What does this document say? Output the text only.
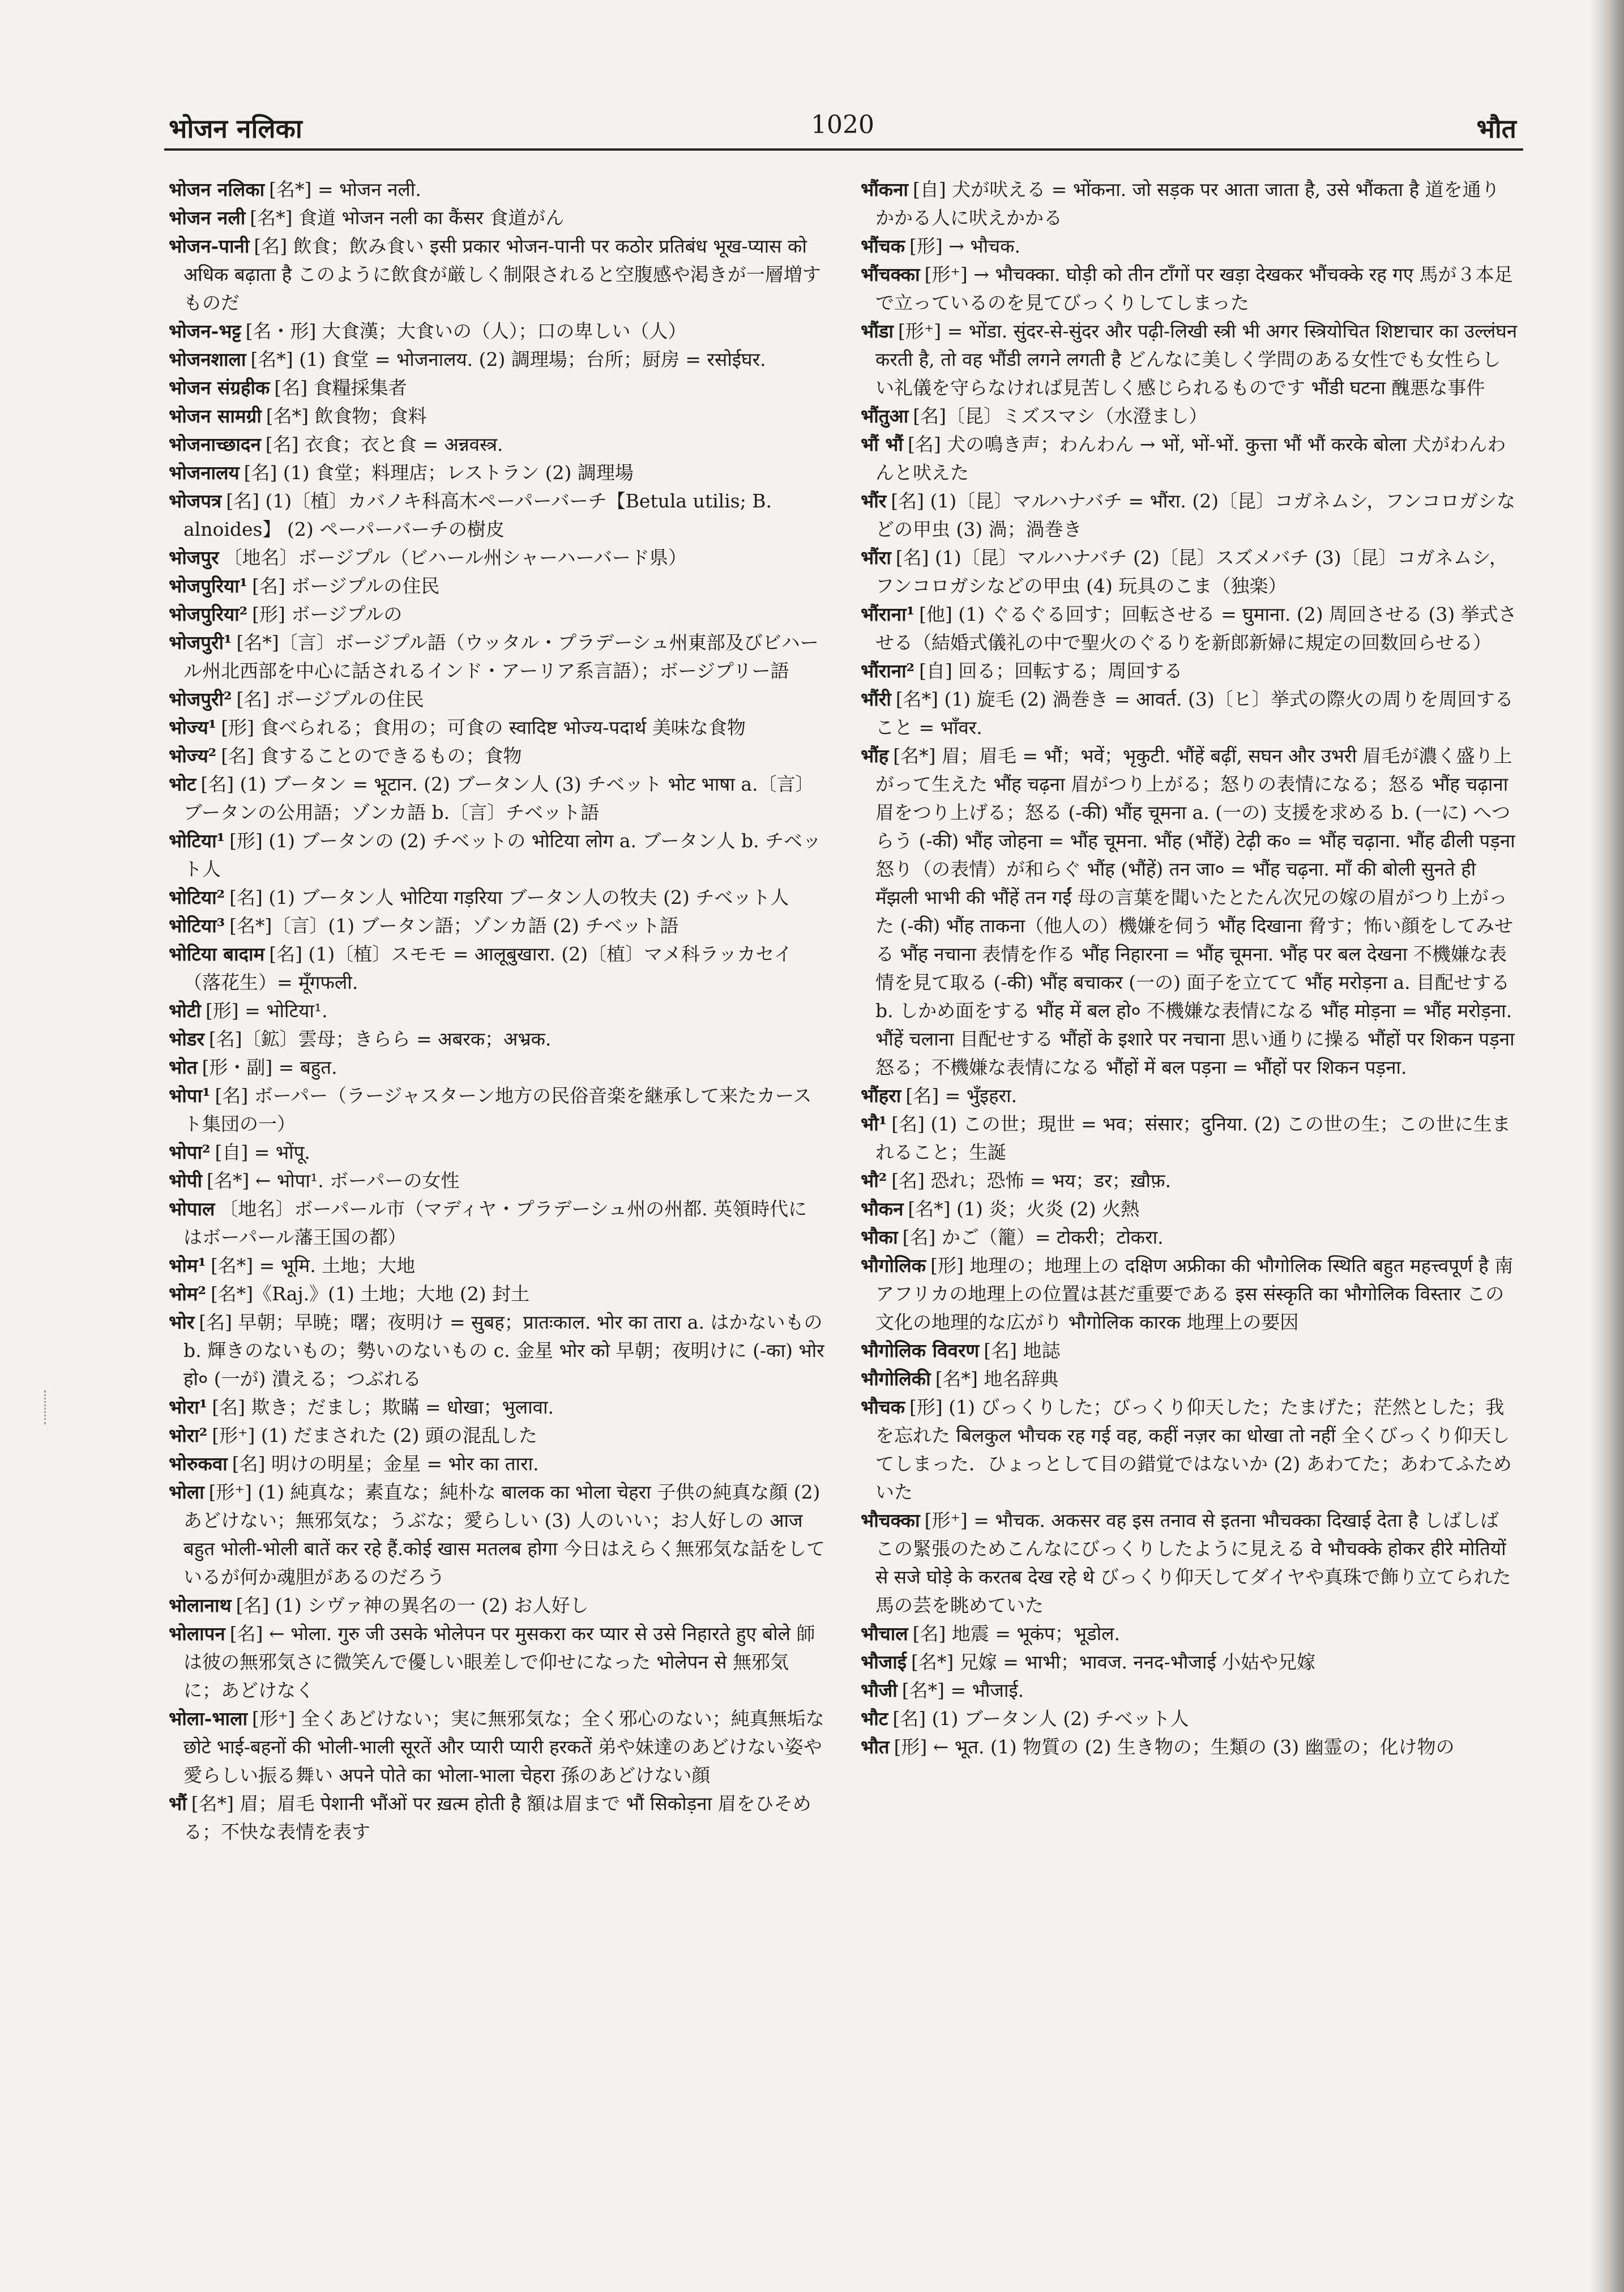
भोजन नलिका	1020	भौत

भोजन नलिका [名*] = भोजन नली.

भोजन नली [名*] 食道 भोजन नली का कैंसर 食道がん

भोजन-पानी [名] 飲食；飲み食い इसी प्रकार भोजन-पानी पर कठोर प्रतिबंध भूख-प्यास को अधिक बढ़ाता है このように飲食が厳しく制限されると空腹感や渇きが一層増すものだ

भोजन-भट्ट [名・形] 大食漢；大食いの（人）；口の卑しい（人）

भोजनशाला [名*] (1) 食堂 = भोजनालय. (2) 調理場；台所；厨房 = रसोईघर.

भोजन संग्रहीक [名] 食糧採集者

भोजन सामग्री [名*] 飲食物；食料

भोजनाच्छादन [名] 衣食；衣と食 = अन्नवस्त्र.

भोजनालय [名] (1) 食堂；料理店；レストラン (2) 調理場

भोजपत्र [名] (1)〔植〕カバノキ科高木ペーパーバーチ【Betula utilis; B. alnoides】 (2) ペーパーバーチの樹皮

भोजपुर 〔地名〕ボージプル（ビハール州シャーハーバード県）

भोजपुरिया¹ [名] ボージプルの住民

भोजपुरिया² [形] ボージプルの

भोजपुरी¹ [名*]〔言〕ボージプル語（ウッタル・プラデーシュ州東部及びビハール州北西部を中心に話されるインド・アーリア系言語）；ボージプリー語

भोजपुरी² [名] ボージプルの住民

भोज्य¹ [形] 食べられる；食用の；可食の स्वादिष्ट भोज्य-पदार्थ 美味な食物

भोज्य² [名] 食することのできるもの；食物

भोट [名] (1) ブータン = भूटान. (2) ブータン人 (3) チベット भोट भाषा a.〔言〕ブータンの公用語；ゾンカ語 b.〔言〕チベット語

भोटिया¹ [形] (1) ブータンの (2) チベットの भोटिया लोग a. ブータン人 b. チベット人

भोटिया² [名] (1) ブータン人 भोटिया गड़रिया ブータン人の牧夫 (2) チベット人

भोटिया³ [名*]〔言〕(1) ブータン語；ゾンカ語 (2) チベット語

भोटिया बादाम [名] (1)〔植〕スモモ = आलूबुखारा. (2)〔植〕マメ科ラッカセイ（落花生）= मूँगफली.

भोटी [形] = भोटिया¹.

भोडर [名]〔鉱〕雲母；きらら = अबरक；अभ्रक.

भोत [形・副] = बहुत.

भोपा¹ [名] ボーパー（ラージャスターン地方の民俗音楽を継承して来たカースト集団の一）

भोपा² [自] = भोंपू.

भोपी [名*] ← भोपा¹. ボーパーの女性

भोपाल 〔地名〕ボーパール市（マディヤ・プラデーシュ州の州都. 英領時代にはボーパール藩王国の都）

भोम¹ [名*] = भूमि. 土地；大地

भोम² [名*]《Raj.》(1) 土地；大地 (2) 封土

भोर [名] 早朝；早暁；曙；夜明け = सुबह；प्रातःकाल. भोर का तारा a. はかないもの b. 輝きのないもの；勢いのないもの c. 金星 भोर को 早朝；夜明けに (-का) भोर हो० (一が) 潰える；つぶれる

भोरा¹ [名] 欺き；だまし；欺瞞 = धोखा；भुलावा.

भोरा² [形⁺] (1) だまされた (2) 頭の混乱した

भोरुकवा [名] 明けの明星；金星 = भोर का तारा.

भोला [形⁺] (1) 純真な；素直な；純朴な बालक का भोला चेहरा 子供の純真な顔 (2) あどけない；無邪気な；うぶな；愛らしい (3) 人のいい；お人好しの आज बहुत भोली-भोली बातें कर रहे हैं.कोई खास मतलब होगा 今日はえらく無邪気な話をしているが何か魂胆があるのだろう

भोलानाथ [名] (1) シヴァ神の異名の一 (2) お人好し

भोलापन [名] ← भोला. गुरु जी उसके भोलेपन पर मुसकरा कर प्यार से उसे निहारते हुए बोले 師は彼の無邪気さに微笑んで優しい眼差しで仰せになった भोलेपन से 無邪気に；あどけなく

भोला-भाला [形⁺] 全くあどけない；実に無邪気な；全く邪心のない；純真無垢な छोटे भाई-बहनों की भोली-भाली सूरतें और प्यारी प्यारी हरकतें 弟や妹達のあどけない姿や愛らしい振る舞い अपने पोते का भोला-भाला चेहरा 孫のあどけない顔

भौं [名*] 眉；眉毛 पेशानी भौंओं पर ख़त्म होती है 額は眉まで भौं सिकोड़ना 眉をひそめる；不快な表情を表す

भौंकना [自] 犬が吠える = भोंकना. जो सड़क पर आता जाता है, उसे भौंकता है 道を通りかかる人に吠えかかる

भौंचक [形] → भौचक.

भौंचक्का [形⁺] → भौचक्का. घोड़ी को तीन टाँगों पर खड़ा देखकर भौंचक्के रह गए 馬が３本足で立っているのを見てびっくりしてしまった

भौंडा [形⁺] = भोंडा. सुंदर-से-सुंदर और पढ़ी-लिखी स्त्री भी अगर स्त्रियोचित शिष्टाचार का उल्लंघन करती है, तो वह भौंडी लगने लगती है どんなに美しく学問のある女性でも女性らしい礼儀を守らなければ見苦しく感じられるものです भौंडी घटना 醜悪な事件

भौंतुआ [名]〔昆〕ミズスマシ（水澄まし）

भौं भौं [名] 犬の鳴き声；わんわん → भों, भों-भों. कुत्ता भौं भौं करके बोला 犬がわんわんと吠えた

भौंर [名] (1)〔昆〕マルハナバチ = भौंरा. (2)〔昆〕コガネムシ，フンコロガシなどの甲虫 (3) 渦；渦巻き

भौंरा [名] (1)〔昆〕マルハナバチ (2)〔昆〕スズメバチ (3)〔昆〕コガネムシ，フンコロガシなどの甲虫 (4) 玩具のこま（独楽）

भौंराना¹ [他] (1) ぐるぐる回す；回転させる = घुमाना. (2) 周回させる (3) 挙式させる（結婚式儀礼の中で聖火のぐるりを新郎新婦に規定の回数回らせる）

भौंराना² [自] 回る；回転する；周回する

भौंरी [名*] (1) 旋毛 (2) 渦巻き = आवर्त. (3)〔ヒ〕挙式の際火の周りを周回すること = भाँवर.

भौंह [名*] 眉；眉毛 = भौं；भवें；भृकुटी. भौंहें बढ़ीं, सघन और उभरी 眉毛が濃く盛り上がって生えた भौंह चढ़ना 眉がつり上がる；怒りの表情になる；怒る भौंह चढ़ाना 眉をつり上げる；怒る (-की) भौंह चूमना a. (一の) 支援を求める b. (一に) へつらう (-की) भौंह जोहना = भौंह चूमना. भौंह (भौंहें) टेढ़ी क० = भौंह चढ़ाना. भौंह ढीली पड़ना 怒り（の表情）が和らぐ भौंह (भौंहें) तन जा० = भौंह चढ़ना. माँ की बोली सुनते ही मँझली भाभी की भौंहें तन गईं 母の言葉を聞いたとたん次兄の嫁の眉がつり上がった (-की) भौंह ताकना（他人の）機嫌を伺う भौंह दिखाना 脅す；怖い顔をしてみせる भौंह नचाना 表情を作る भौंह निहारना = भौंह चूमना. भौंह पर बल देखना 不機嫌な表情を見て取る (-की) भौंह बचाकर (一の) 面子を立てて भौंह मरोड़ना a. 目配せする b. しかめ面をする भौंह में बल हो० 不機嫌な表情になる भौंह मोड़ना = भौंह मरोड़ना. भौंहें चलाना 目配せする भौंहों के इशारे पर नचाना 思い通りに操る भौंहों पर शिकन पड़ना 怒る；不機嫌な表情になる भौंहों में बल पड़ना = भौंहों पर शिकन पड़ना.

भौंहरा [名] = भुँइहरा.

भौ¹ [名] (1) この世；現世 = भव；संसार；दुनिया. (2) この世の生；この世に生まれること；生誕

भौ² [名] 恐れ；恐怖 = भय；डर；ख़ौफ़.

भौकन [名*] (1) 炎；火炎 (2) 火熱

भौका [名] かご（籠）= टोकरी；टोकरा.

भौगोलिक [形] 地理の；地理上の दक्षिण अफ्रीका की भौगोलिक स्थिति बहुत महत्त्वपूर्ण है 南アフリカの地理上の位置は甚だ重要である इस संस्कृति का भौगोलिक विस्तार この文化の地理的な広がり भौगोलिक कारक 地理上の要因

भौगोलिक विवरण [名] 地誌

भौगोलिकी [名*] 地名辞典

भौचक [形] (1) びっくりした；びっくり仰天した；たまげた；茫然とした；我を忘れた बिलकुल भौचक रह गई वह, कहीं नज़र का धोखा तो नहीं 全くびっくり仰天してしまった．ひょっとして目の錯覚ではないか (2) あわてた；あわてふためいた

भौचक्का [形⁺] = भौचक. अकसर वह इस तनाव से इतना भौचक्का दिखाई देता है しばしばこの緊張のためこんなにびっくりしたように見える वे भौचक्के होकर हीरे मोतियों से सजे घोड़े के करतब देख रहे थे びっくり仰天してダイヤや真珠で飾り立てられた馬の芸を眺めていた

भौचाल [名] 地震 = भूकंप；भूडोल.

भौजाई [名*] 兄嫁 = भाभी；भावज. ननद-भौजाई 小姑や兄嫁

भौजी [名*] = भौजाई.

भौट [名] (1) ブータン人 (2) チベット人

भौत [形] ← भूत. (1) 物質の (2) 生き物の；生類の (3) 幽霊の；化け物の
